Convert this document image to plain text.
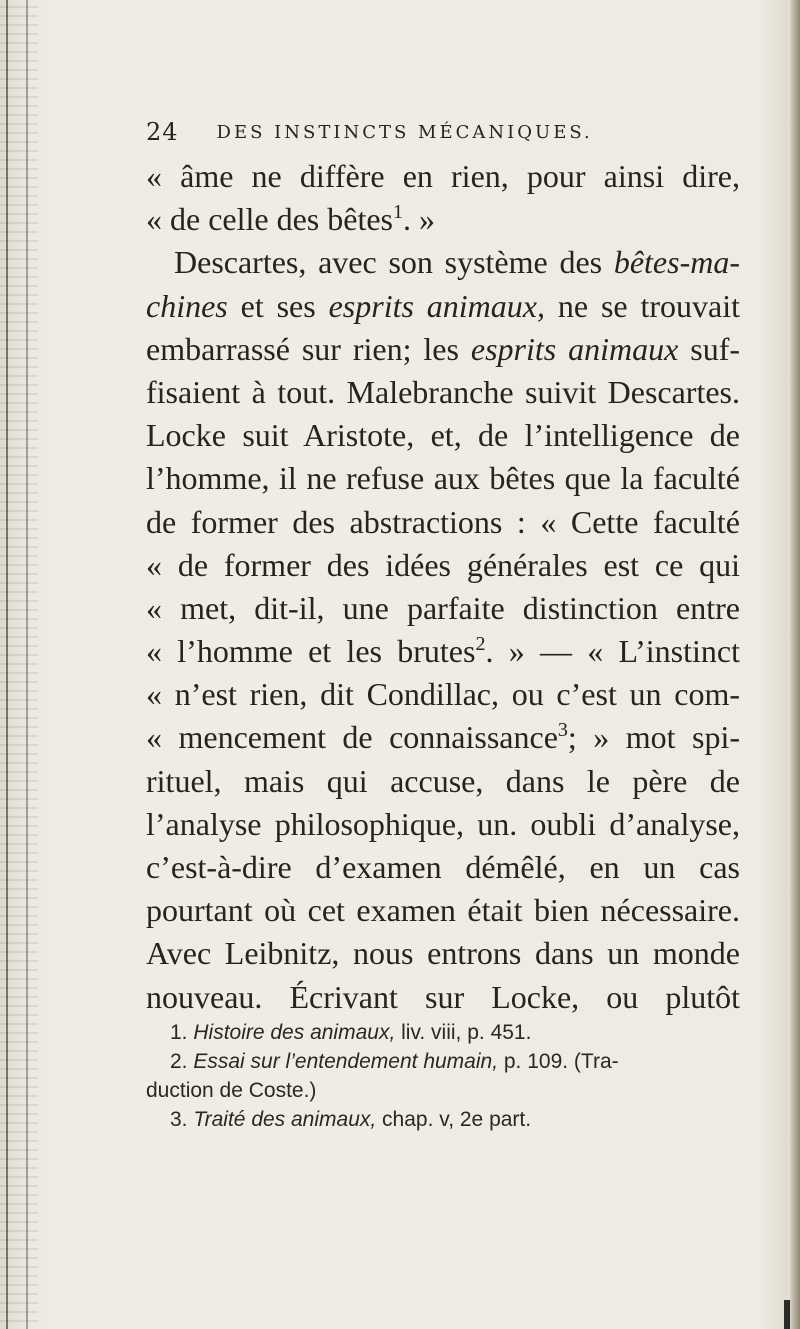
24 DES INSTINCTS MÉCANIQUES.
« âme ne diffère en rien, pour ainsi dire,
« de celle des bêtes$^1$. »
Descartes, avec son système des bêtes-ma-
chines et ses esprits animaux, ne se trouvait
embarrassé sur rien; les esprits animaux suf-
fisaient à tout. Malebranche suivit Descartes.
Locke suit Aristote, et, de l’intelligence de
l’homme, il ne refuse aux bêtes que la faculté
de former des abstractions : « Cette faculté
« de former des idées générales est ce qui
« met, dit-il, une parfaite distinction entre
« l’homme et les brutes$^2$. » — « L’instinct
« n’est rien, dit Condillac, ou c’est un com-
« mencement de connaissance$^3$; » mot spi-
rituel, mais qui accuse, dans le père de
l’analyse philosophique, un. oubli d’analyse,
c’est-à-dire d’examen démêlé, en un cas
pourtant où cet examen était bien nécessaire.
Avec Leibnitz, nous entrons dans un monde
nouveau. Écrivant sur Locke, ou plutôt
1. Histoire des animaux, liv. viii, p. 451.
2. Essai sur l’entendement humain, p. 109. (Tra-
duction de Coste.)
3. Traité des animaux, chap. v, 2e part.
